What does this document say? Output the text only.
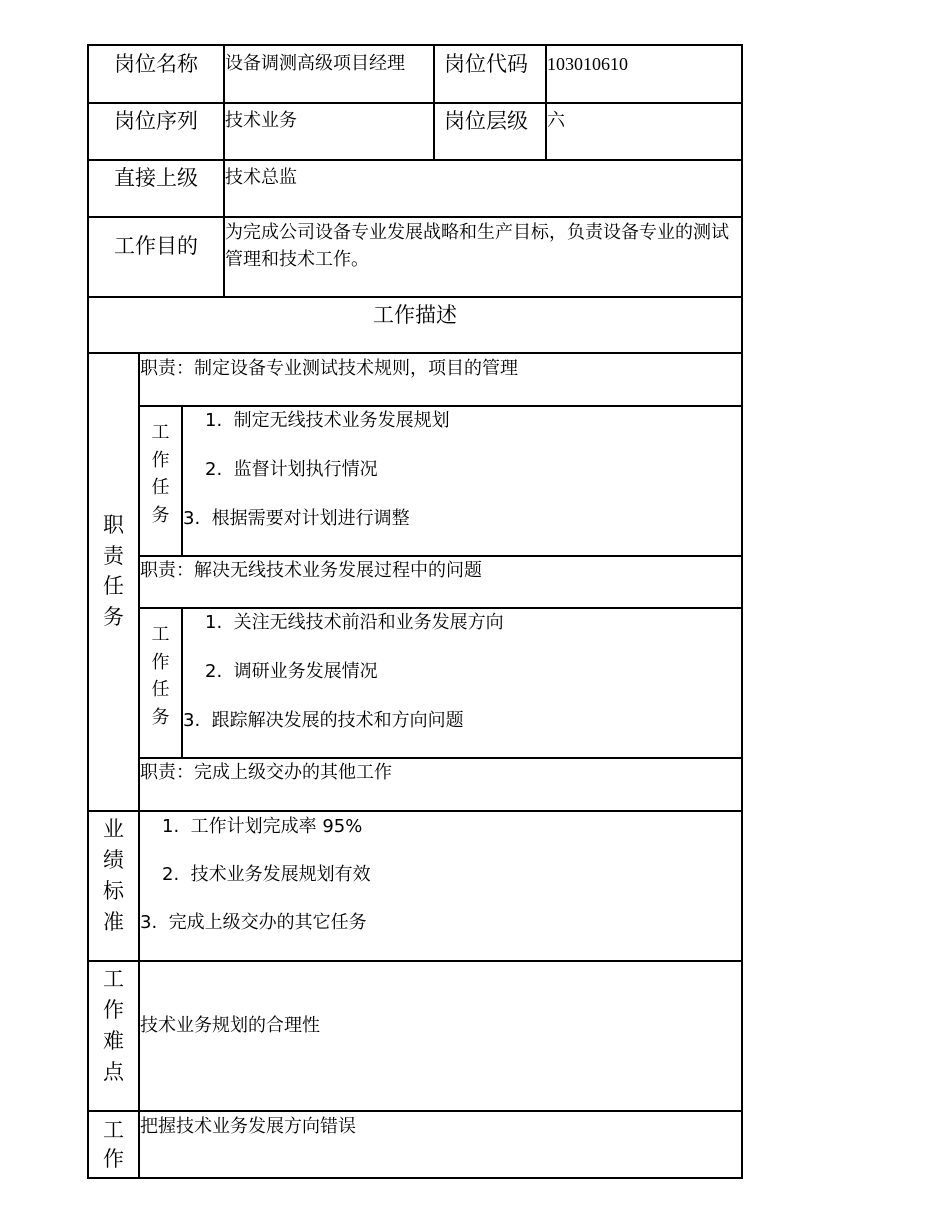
岗位名称 设备调测高级项目经理 岗位代码 103010610
岗位序列 技术业务	岗位层级 六
直接上级 技术总监
工作目的
为完成公司设备专业发展战略和生产目标，负责设备专业的测试管理和技术工作。
工作描述
职
责
任
务
职责：制定设备专业测试技术规则，项目的管理
工
作
任
务
1.  制定无线技术业务发展规划
2.  监督计划执行情况
3.  根据需要对计划进行调整
职责：解决无线技术业务发展过程中的问题
工
作
任
务
1.  关注无线技术前沿和业务发展方向
2.  调研业务发展情况
3.  跟踪解决发展的技术和方向问题
职责：完成上级交办的其他工作
业
绩
标
准
1.  工作计划完成率 95%
2.  技术业务发展规划有效
3.  完成上级交办的其它任务
工
作
难
点
技术业务规划的合理性
工
作
把握技术业务发展方向错误
